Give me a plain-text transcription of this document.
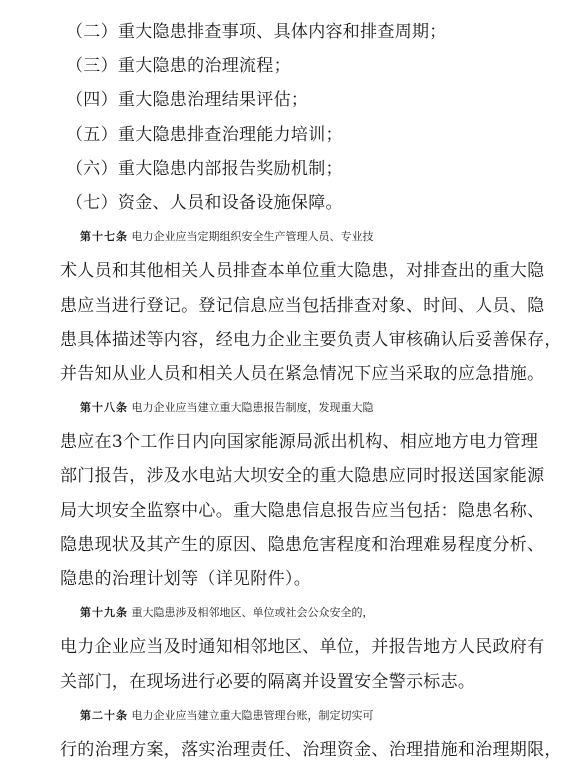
（二）重大隐患排查事项、具体内容和排查周期；
（三）重大隐患的治理流程；
（四）重大隐患治理结果评估；
（五）重大隐患排查治理能力培训；
（六）重大隐患内部报告奖励机制；
（七）资金、人员和设备设施保障。
第十七条 电力企业应当定期组织安全生产管理人员、专业技
术人员和其他相关人员排查本单位重大隐患，对排查出的重大隐
患应当进行登记。登记信息应当包括排查对象、时间、人员、隐
患具体描述等内容，经电力企业主要负责人审核确认后妥善保存，
并告知从业人员和相关人员在紧急情况下应当采取的应急措施。
第十八条 电力企业应当建立重大隐患报告制度，发现重大隐
患应在3个工作日内向国家能源局派出机构、相应地方电力管理
部门报告，涉及水电站大坝安全的重大隐患应同时报送国家能源
局大坝安全监察中心。重大隐患信息报告应当包括：隐患名称、
隐患现状及其产生的原因、隐患危害程度和治理难易程度分析、
隐患的治理计划等（详见附件）。
第十九条 重大隐患涉及相邻地区、单位或社会公众安全的，
电力企业应当及时通知相邻地区、单位，并报告地方人民政府有
关部门，在现场进行必要的隔离并设置安全警示标志。
第二十条 电力企业应当建立重大隐患管理台账，制定切实可
行的治理方案，落实治理责任、治理资金、治理措施和治理期限，
